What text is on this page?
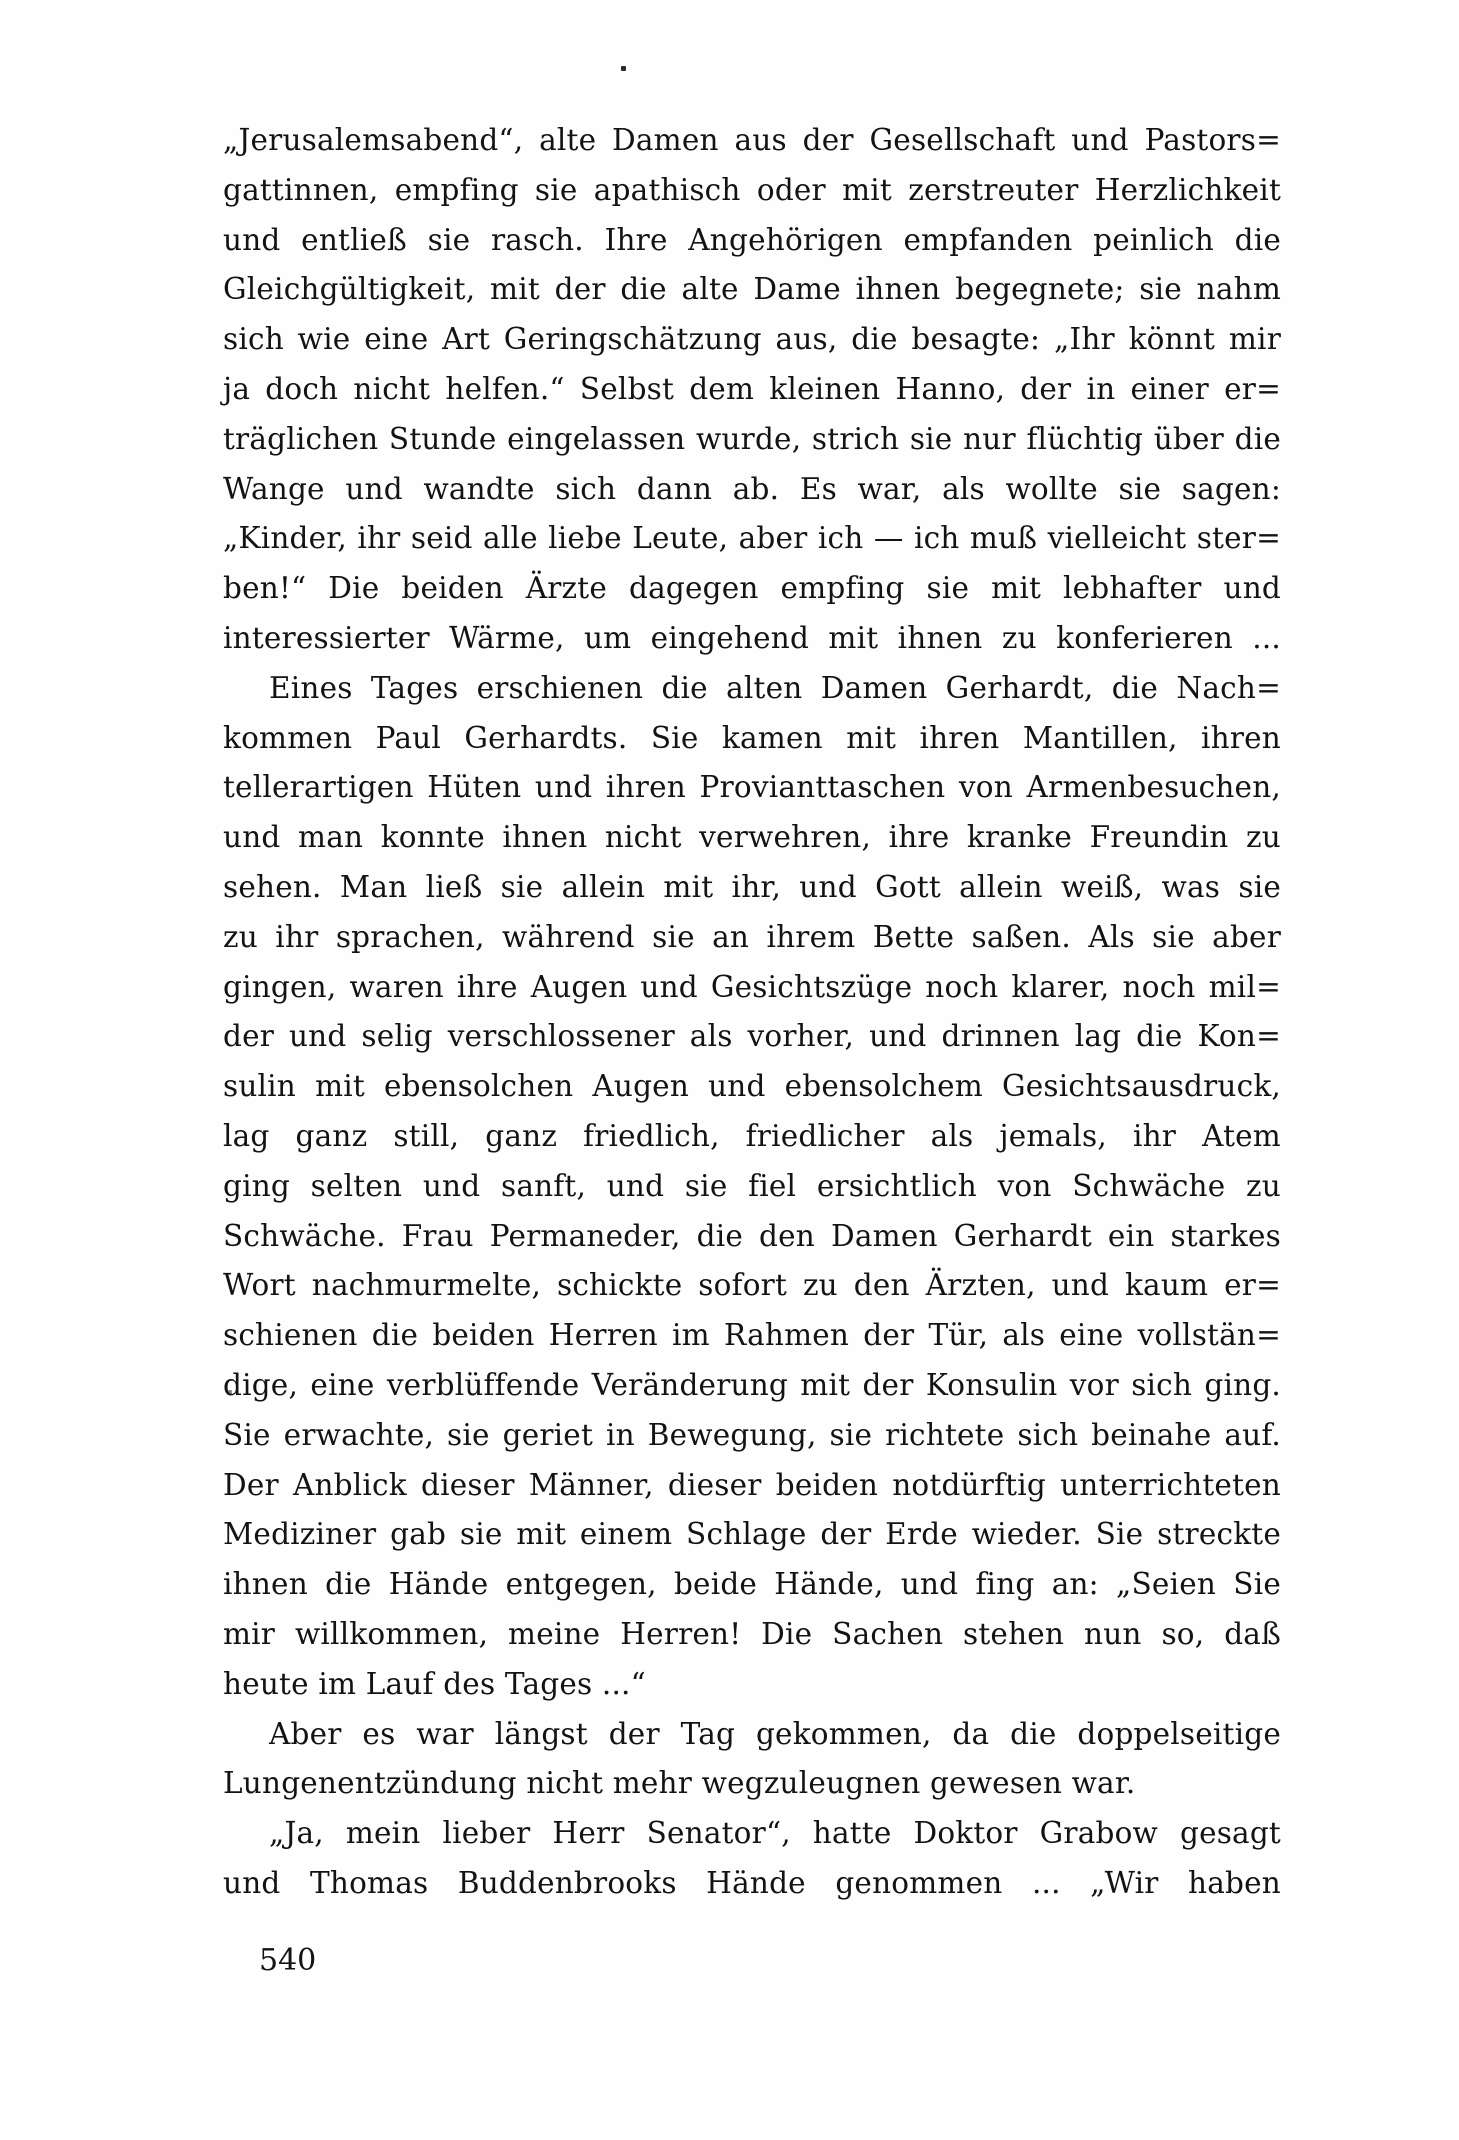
„Jerusalemsabend“, alte Damen aus der Gesellschaft und Pastors=
gattinnen, empfing sie apathisch oder mit zerstreuter Herzlichkeit
und entließ sie rasch. Ihre Angehörigen empfanden peinlich die
Gleichgültigkeit, mit der die alte Dame ihnen begegnete; sie nahm
sich wie eine Art Geringschätzung aus, die besagte: „Ihr könnt mir
ja doch nicht helfen.“ Selbst dem kleinen Hanno, der in einer er=
träglichen Stunde eingelassen wurde, strich sie nur flüchtig über die
Wange und wandte sich dann ab. Es war, als wollte sie sagen:
„Kinder, ihr seid alle liebe Leute, aber ich — ich muß vielleicht ster=
ben!“ Die beiden Ärzte dagegen empfing sie mit lebhafter und
interessierter Wärme, um eingehend mit ihnen zu konferieren ...
Eines Tages erschienen die alten Damen Gerhardt, die Nach=
kommen Paul Gerhardts. Sie kamen mit ihren Mantillen, ihren
tellerartigen Hüten und ihren Provianttaschen von Armenbesuchen,
und man konnte ihnen nicht verwehren, ihre kranke Freundin zu
sehen. Man ließ sie allein mit ihr, und Gott allein weiß, was sie
zu ihr sprachen, während sie an ihrem Bette saßen. Als sie aber
gingen, waren ihre Augen und Gesichtszüge noch klarer, noch mil=
der und selig verschlossener als vorher, und drinnen lag die Kon=
sulin mit ebensolchen Augen und ebensolchem Gesichtsausdruck,
lag ganz still, ganz friedlich, friedlicher als jemals, ihr Atem
ging selten und sanft, und sie fiel ersichtlich von Schwäche zu
Schwäche. Frau Permaneder, die den Damen Gerhardt ein starkes
Wort nachmurmelte, schickte sofort zu den Ärzten, und kaum er=
schienen die beiden Herren im Rahmen der Tür, als eine vollstän=
dige, eine verblüffende Veränderung mit der Konsulin vor sich ging.
Sie erwachte, sie geriet in Bewegung, sie richtete sich beinahe auf.
Der Anblick dieser Männer, dieser beiden notdürftig unterrichteten
Mediziner gab sie mit einem Schlage der Erde wieder. Sie streckte
ihnen die Hände entgegen, beide Hände, und fing an: „Seien Sie
mir willkommen, meine Herren! Die Sachen stehen nun so, daß
heute im Lauf des Tages ...“
Aber es war längst der Tag gekommen, da die doppelseitige
Lungenentzündung nicht mehr wegzuleugnen gewesen war.
„Ja, mein lieber Herr Senator“, hatte Doktor Grabow gesagt
und Thomas Buddenbrooks Hände genommen ... „Wir haben
540
